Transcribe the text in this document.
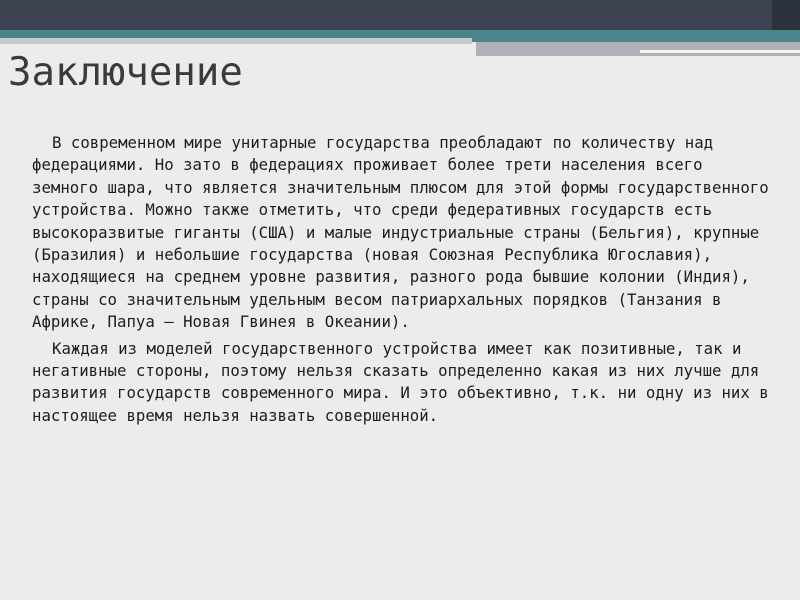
Заключение

В современном мире унитарные государства преобладают по количеству над федерациями. Но зато в федерациях проживает более трети населения всего земного шара, что является значительным плюсом для этой формы государственного устройства. Можно также отметить, что среди федеративных государств есть высокоразвитые гиганты (США) и малые индустриальные страны (Бельгия), крупные (Бразилия) и небольшие государства (новая Союзная Республика Югославия), находящиеся на среднем уровне развития, разного рода бывшие колонии (Индия), страны со значительным удельным весом патриархальных порядков (Танзания в Африке, Папуа – Новая Гвинея в Океании).

Каждая из моделей государственного устройства имеет как позитивные, так и негативные стороны, поэтому нельзя сказать определенно какая из них лучше для развития государств современного мира. И это объективно, т.к. ни одну из них в настоящее время нельзя назвать совершенной.
